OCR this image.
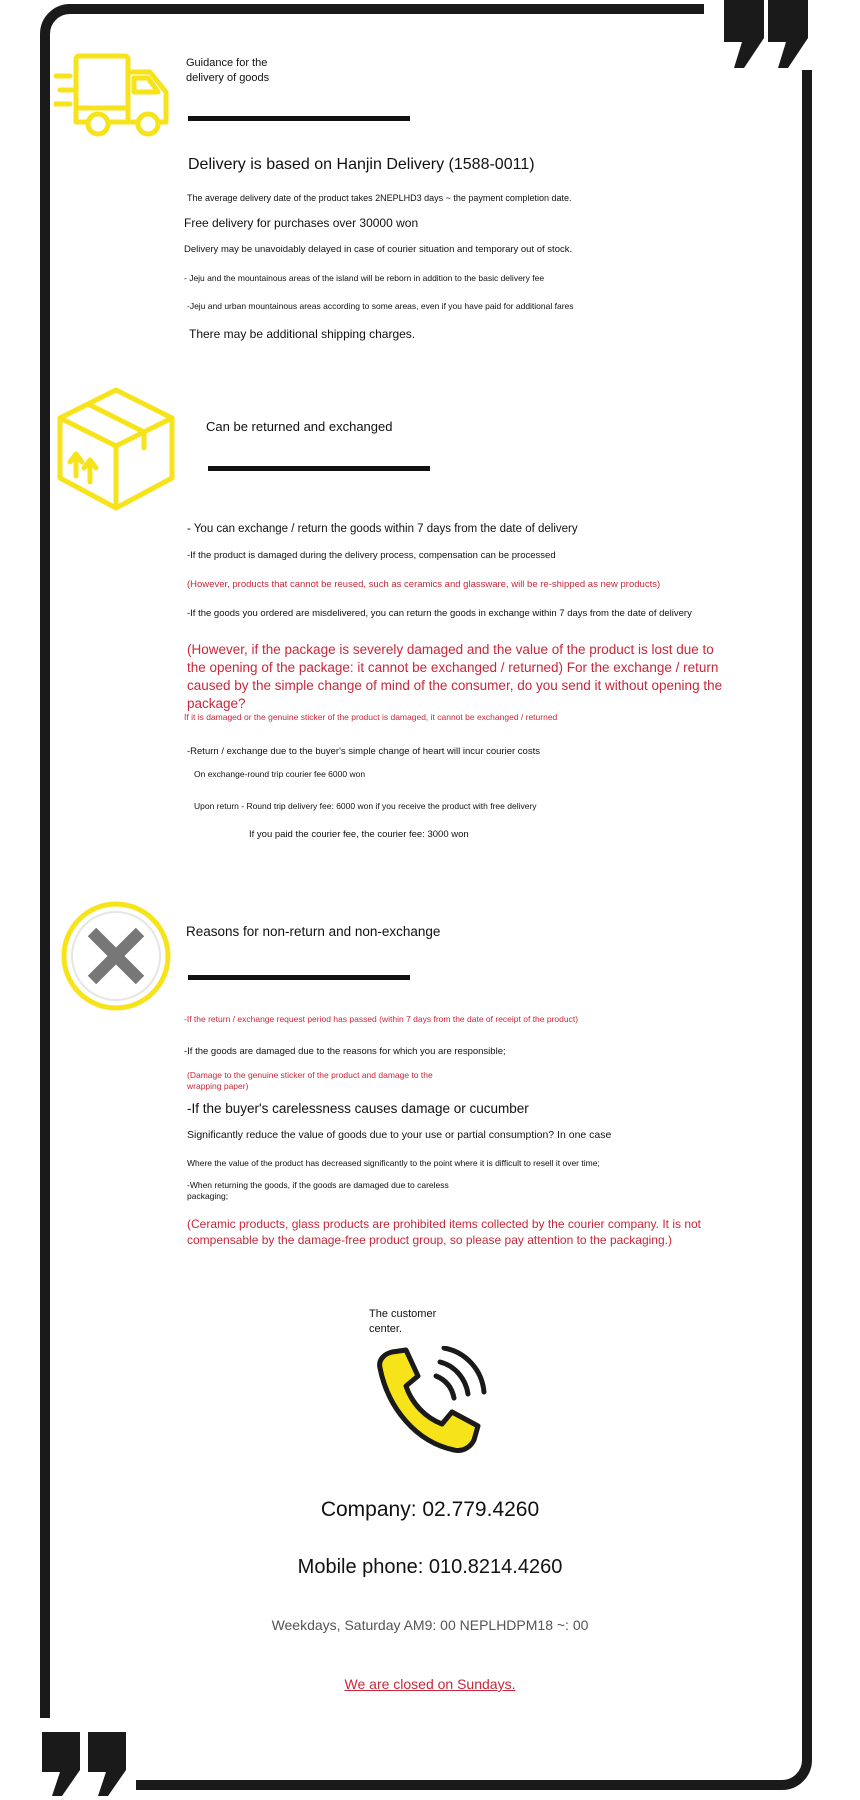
Guidance for the delivery of goods

Delivery is based on Hanjin Delivery (1588-0011)

The average delivery date of the product takes 2NEPLHD3 days ~ the payment completion date.

Free delivery for purchases over 30000 won

Delivery may be unavoidably delayed in case of courier situation and temporary out of stock.

- Jeju and the mountainous areas of the island will be reborn in addition to the basic delivery fee

-Jeju and urban mountainous areas according to some areas, even if you have paid for additional fares

There may be additional shipping charges.

Can be returned and exchanged

- You can exchange / return the goods within 7 days from the date of delivery

-If the product is damaged during the delivery process, compensation can be processed

(However, products that cannot be reused, such as ceramics and glassware, will be re-shipped as new products)

-If the goods you ordered are misdelivered, you can return the goods in exchange within 7 days from the date of delivery

(However, if the package is severely damaged and the value of the product is lost due to the opening of the package: it cannot be exchanged / returned) For the exchange / return caused by the simple change of mind of the consumer, do you send it without opening the package?

If it is damaged or the genuine sticker of the product is damaged, it cannot be exchanged / returned

-Return / exchange due to the buyer's simple change of heart will incur courier costs

On exchange-round trip courier fee 6000 won

Upon return - Round trip delivery fee: 6000 won if you receive the product with free delivery

If you paid the courier fee, the courier fee: 3000 won

Reasons for non-return and non-exchange

-If the return / exchange request period has passed (within 7 days from the date of receipt of the product)

-If the goods are damaged due to the reasons for which you are responsible;

(Damage to the genuine sticker of the product and damage to the wrapping paper)

-If the buyer's carelessness causes damage or cucumber

Significantly reduce the value of goods due to your use or partial consumption? In one case

Where the value of the product has decreased significantly to the point where it is difficult to resell it over time;

-When returning the goods, if the goods are damaged due to careless packaging;

(Ceramic products, glass products are prohibited items collected by the courier company. It is not compensable by the damage-free product group, so please pay attention to the packaging.)

The customer center.

Company: 02.779.4260

Mobile phone: 010.8214.4260

Weekdays, Saturday AM9: 00 NEPLHDPM18 ~: 00

We are closed on Sundays.
